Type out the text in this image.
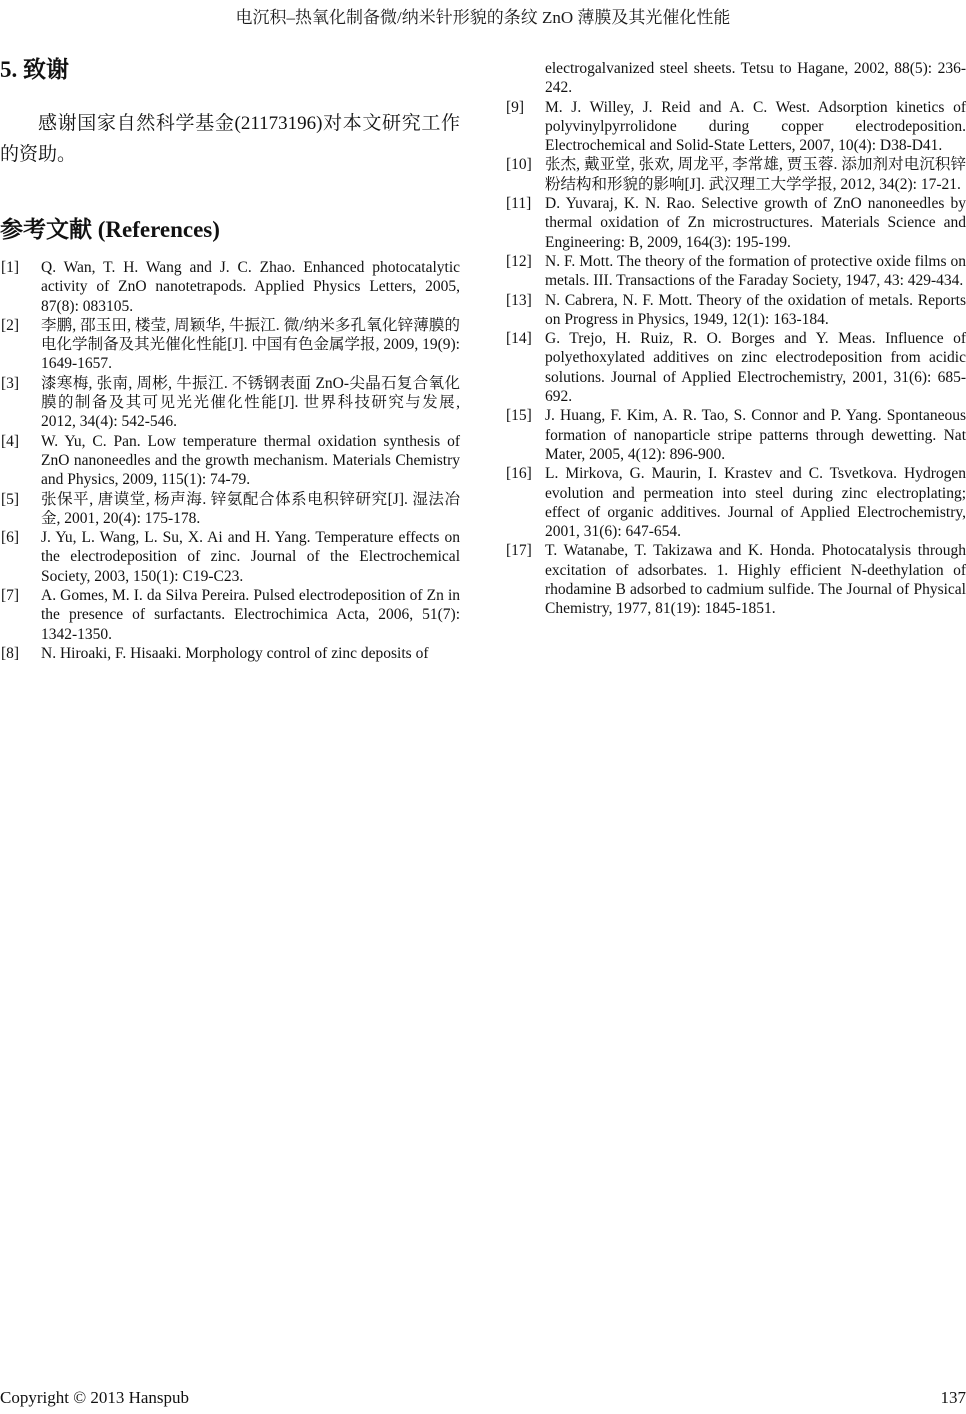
电沉积–热氧化制备微/纳米针形貌的条纹 ZnO 薄膜及其光催化性能
5. 致谢

感谢国家自然科学基金(21173196)对本文研究工作的资助。

参考文献 (References)
[1] Q. Wan, T. H. Wang and J. C. Zhao. Enhanced photocatalytic activity of ZnO nanotetrapods. Applied Physics Letters, 2005, 87(8): 083105.
[2] 李鹏, 邵玉田, 楼莹, 周颖华, 牛振江. 微/纳米多孔氧化锌薄膜的电化学制备及其光催化性能[J]. 中国有色金属学报, 2009, 19(9): 1649-1657.
[3] 漆寒梅, 张南, 周彬, 牛振江. 不锈钢表面 ZnO-尖晶石复合氧化膜的制备及其可见光光催化性能[J]. 世界科技研究与发展, 2012, 34(4): 542-546.
[4] W. Yu, C. Pan. Low temperature thermal oxidation synthesis of ZnO nanoneedles and the growth mechanism. Materials Chemistry and Physics, 2009, 115(1): 74-79.
[5] 张保平, 唐谟堂, 杨声海. 锌氨配合体系电积锌研究[J]. 湿法冶金, 2001, 20(4): 175-178.
[6] J. Yu, L. Wang, L. Su, X. Ai and H. Yang. Temperature effects on the electrodeposition of zinc. Journal of the Electrochemical Society, 2003, 150(1): C19-C23.
[7] A. Gomes, M. I. da Silva Pereira. Pulsed electrodeposition of Zn in the presence of surfactants. Electrochimica Acta, 2006, 51(7): 1342-1350.
[8] N. Hiroaki, F. Hisaaki. Morphology control of zinc deposits of

electrogalvanized steel sheets. Tetsu to Hagane, 2002, 88(5): 236-242.

[9] M. J. Willey, J. Reid and A. C. West. Adsorption kinetics of polyvinylpyrrolidone during copper electrodeposition. Electrochemical and Solid-State Letters, 2007, 10(4): D38-D41.
[10] 张杰, 戴亚堂, 张欢, 周龙平, 李常雄, 贾玉蓉. 添加剂对电沉积锌粉结构和形貌的影响[J]. 武汉理工大学学报, 2012, 34(2): 17-21.
[11] D. Yuvaraj, K. N. Rao. Selective growth of ZnO nanoneedles by thermal oxidation of Zn microstructures. Materials Science and Engineering: B, 2009, 164(3): 195-199.
[12] N. F. Mott. The theory of the formation of protective oxide films on metals. III. Transactions of the Faraday Society, 1947, 43: 429-434.
[13] N. Cabrera, N. F. Mott. Theory of the oxidation of metals. Reports on Progress in Physics, 1949, 12(1): 163-184.
[14] G. Trejo, H. Ruiz, R. O. Borges and Y. Meas. Influence of polyethoxylated additives on zinc electrodeposition from acidic solutions. Journal of Applied Electrochemistry, 2001, 31(6): 685-692.
[15] J. Huang, F. Kim, A. R. Tao, S. Connor and P. Yang. Spontaneous formation of nanoparticle stripe patterns through dewetting. Nat Mater, 2005, 4(12): 896-900.
[16] L. Mirkova, G. Maurin, I. Krastev and C. Tsvetkova. Hydrogen evolution and permeation into steel during zinc electroplating; effect of organic additives. Journal of Applied Electrochemistry, 2001, 31(6): 647-654.
[17] T. Watanabe, T. Takizawa and K. Honda. Photocatalysis through excitation of adsorbates. 1. Highly efficient N-deethylation of rhodamine B adsorbed to cadmium sulfide. The Journal of Physical Chemistry, 1977, 81(19): 1845-1851.
Copyright © 2013 Hanspub	137
